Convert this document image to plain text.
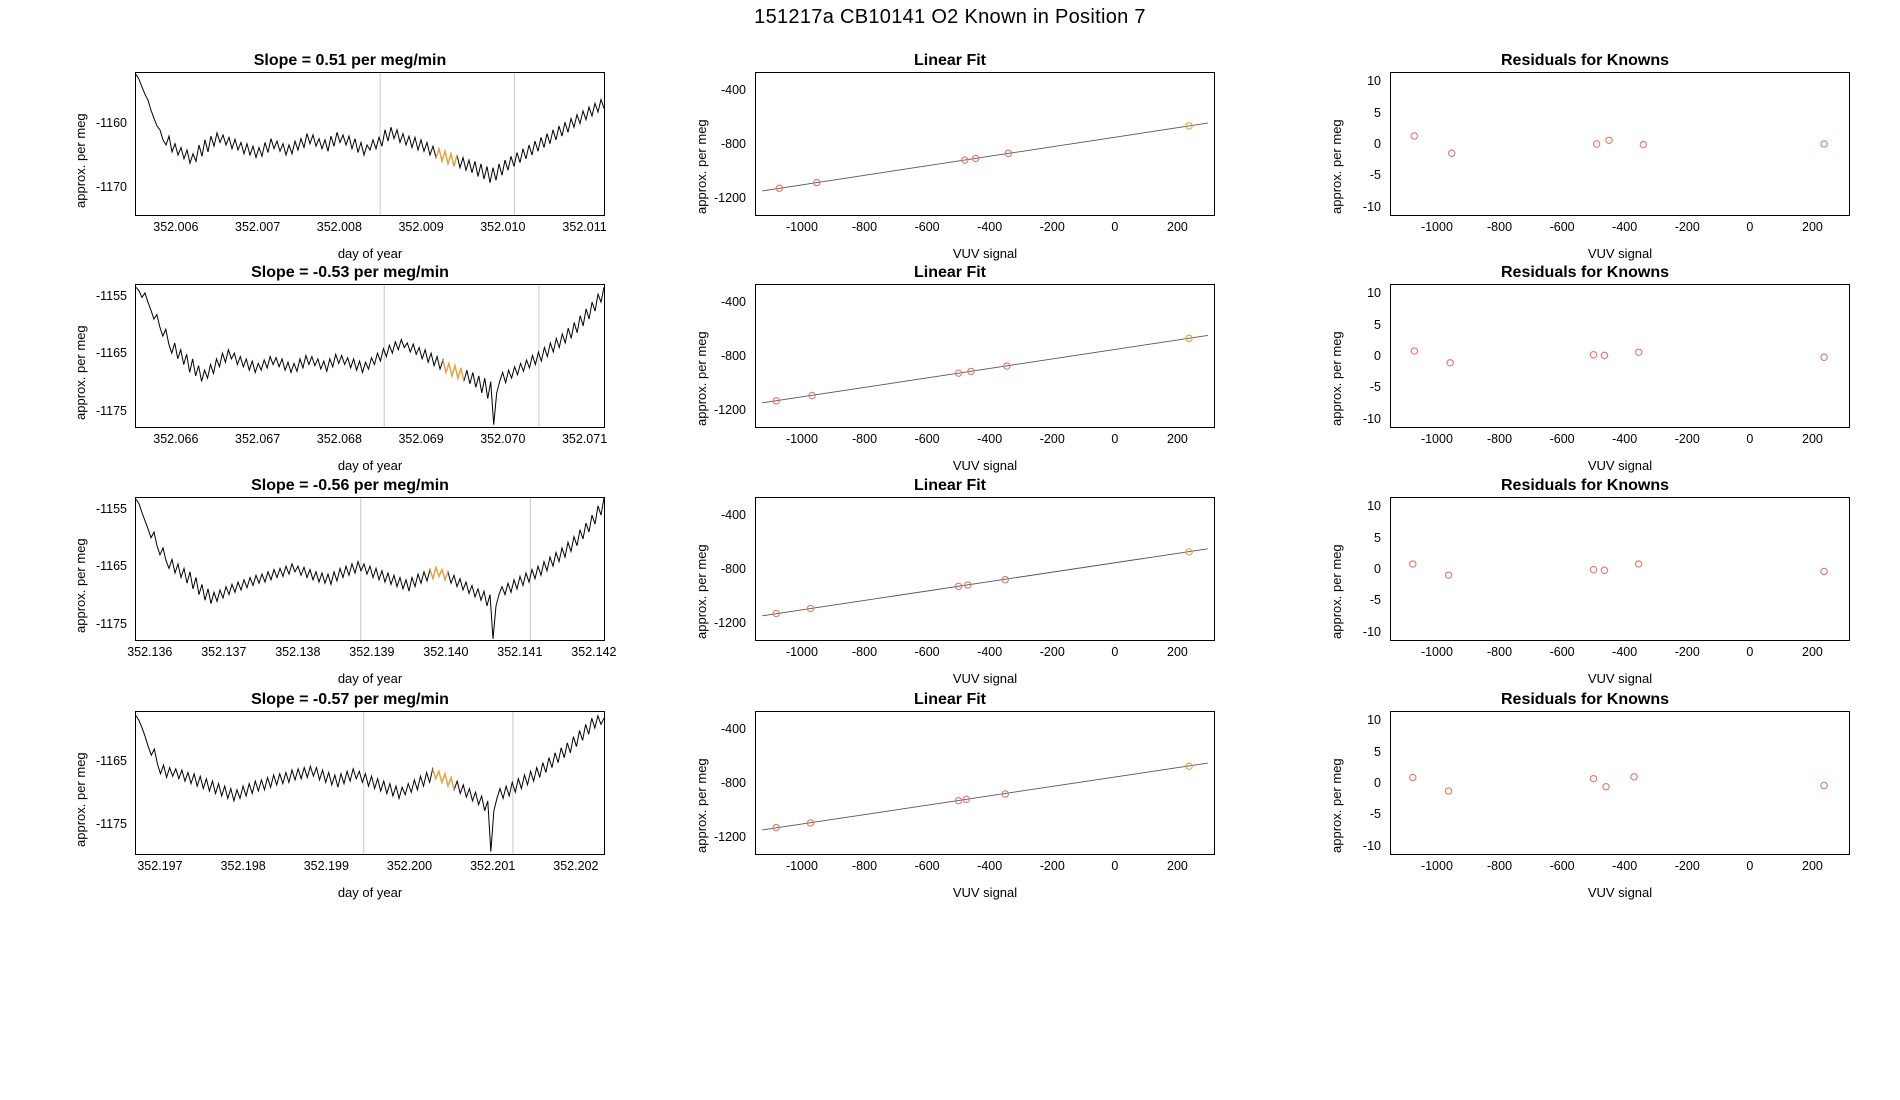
151217a CB10141 O2 Known in Position 7
Slope = 0.51 per meg/min
approx. per meg
day of year
352.006	352.007	352.008	352.009	352.010	352.011
-1170
-1160
Linear Fit
approx. per meg
VUV signal
-1000	-800	-600	-400	-200	0	200
-1200
-800
-400
Residuals for Knowns
approx. per meg
VUV signal
-1000	-800	-600	-400	-200	0	200
-10
-5
0
5
10
Slope = -0.53 per meg/min
approx. per meg
day of year
352.066	352.067	352.068	352.069	352.070	352.071
-1175
-1165
-1155
Linear Fit
approx. per meg
VUV signal
-1000	-800	-600	-400	-200	0	200
-1200
-800
-400
Residuals for Knowns
approx. per meg
VUV signal
-1000	-800	-600	-400	-200	0	200
-10
-5
0
5
10
Slope = -0.56 per meg/min
approx. per meg
day of year
352.136 352.137 352.138 352.139 352.140 352.141 352.142
-1175
-1165
-1155
Linear Fit
approx. per meg
VUV signal
-1000	-800	-600	-400	-200	0	200
-1200
-800
-400
Residuals for Knowns
approx. per meg
VUV signal
-1000	-800	-600	-400	-200	0	200
-10
-5
0
5
10
Slope = -0.57 per meg/min
approx. per meg
day of year
352.197	352.198	352.199	352.200	352.201	352.202
-1175
-1165
Linear Fit
approx. per meg
VUV signal
-1000	-800	-600	-400	-200	0	200
-1200
-800
-400
Residuals for Knowns
approx. per meg
VUV signal
-1000	-800	-600	-400	-200	0	200
-10
-5
0
5
10
